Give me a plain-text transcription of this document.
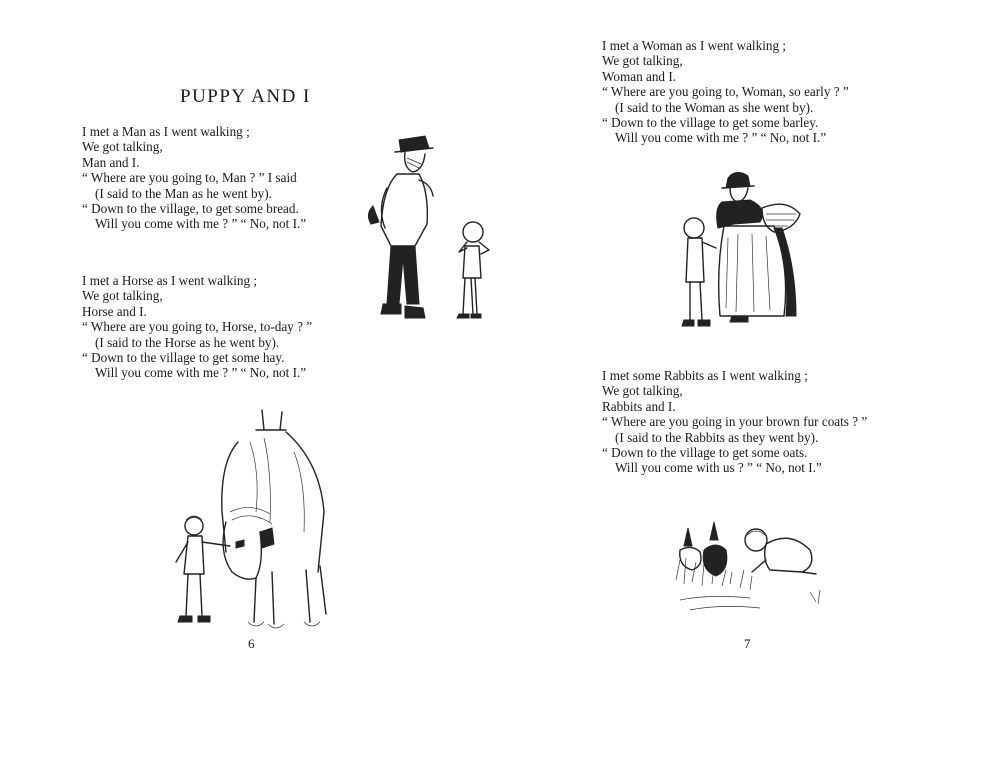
PUPPY AND I
I met a Man as I went walking ;
We got talking,
Man and I.
“ Where are you going to, Man ? ” I said
(I said to the Man as he went by).
“ Down to the village, to get some bread.
Will you come with me ? ” “ No, not I.”
I met a Horse as I went walking ;
We got talking,
Horse and I.
“ Where are you going to, Horse, to-day ? ”
(I said to the Horse as he went by).
“ Down to the village to get some hay.
Will you come with me ? ” “ No, not I.”
6
I met a Woman as I went walking ;
We got talking,
Woman and I.
“ Where are you going to, Woman, so early ? ”
(I said to the Woman as she went by).
“ Down to the village to get some barley.
Will you come with me ? ” “ No, not I.”
I met some Rabbits as I went walking ;
We got talking,
Rabbits and I.
“ Where are you going in your brown fur coats ? ”
(I said to the Rabbits as they went by).
“ Down to the village to get some oats.
Will you come with us ? ” “ No, not I.”
7
